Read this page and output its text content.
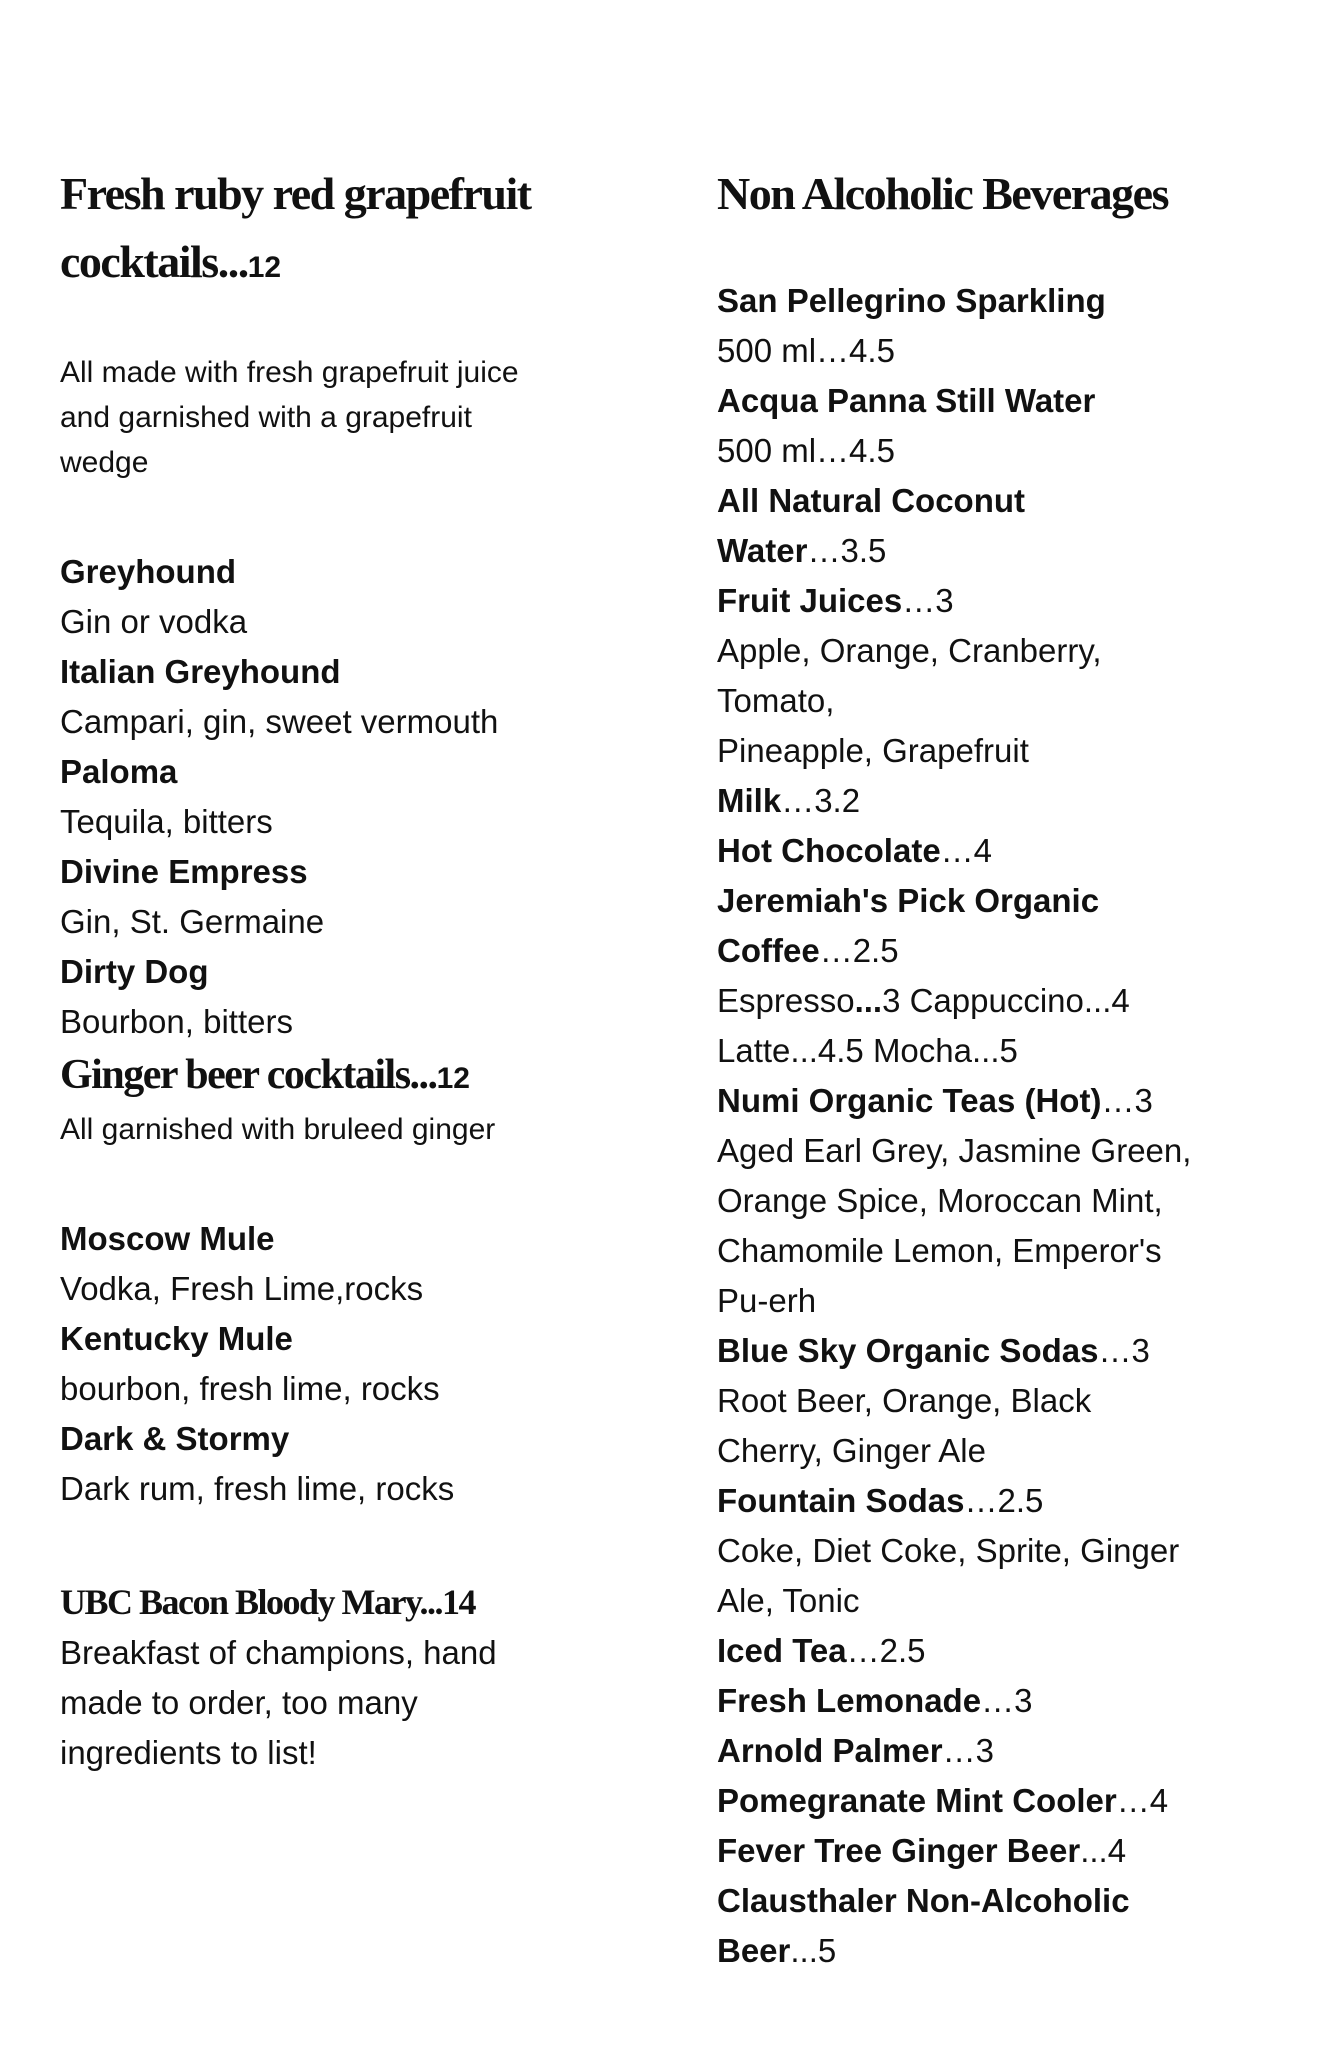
Fresh ruby red grapefruit
cocktails...12

All made with fresh grapefruit juice
and garnished with a grapefruit
wedge

Greyhound
Gin or vodka
Italian Greyhound
Campari, gin, sweet vermouth
Paloma
Tequila, bitters
Divine Empress
Gin, St. Germaine
Dirty Dog
Bourbon, bitters
Ginger beer cocktails...12

All garnished with bruleed ginger

Moscow Mule
Vodka, Fresh Lime,rocks
Kentucky Mule
bourbon, fresh lime, rocks
Dark & Stormy
Dark rum, fresh lime, rocks
UBC Bacon Bloody Mary...14
Breakfast of champions, hand
made to order, too many
ingredients to list!
Non Alcoholic Beverages
San Pellegrino Sparkling
500 ml…4.5
Acqua Panna Still Water
500 ml…4.5
All Natural Coconut
Water…3.5
Fruit Juices…3
Apple, Orange, Cranberry,
Tomato,
Pineapple, Grapefruit
Milk…3.2
Hot Chocolate…4
Jeremiah's Pick Organic
Coffee…2.5
Espresso...3 Cappuccino...4
Latte...4.5 Mocha...5
Numi Organic Teas (Hot)…3
Aged Earl Grey, Jasmine Green,
Orange Spice, Moroccan Mint,
Chamomile Lemon, Emperor's
Pu-erh
Blue Sky Organic Sodas…3
Root Beer, Orange, Black
Cherry, Ginger Ale
Fountain Sodas…2.5
Coke, Diet Coke, Sprite, Ginger
Ale, Tonic
Iced Tea…2.5
Fresh Lemonade…3
Arnold Palmer…3
Pomegranate Mint Cooler…4
Fever Tree Ginger Beer...4
Clausthaler Non-Alcoholic
Beer...5
